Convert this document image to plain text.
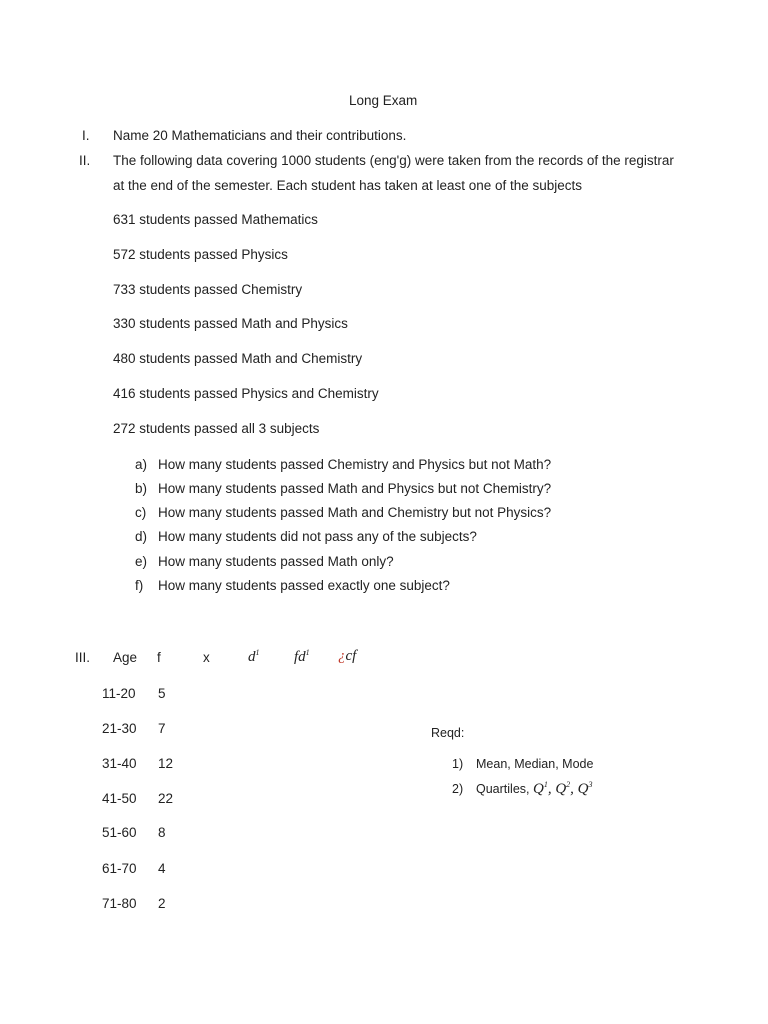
Long Exam
I. Name 20 Mathematicians and their contributions.
II. The following data covering 1000 students (eng'g) were taken from the records of the registrar
at the end of the semester. Each student has taken at least one of the subjects
631 students passed Mathematics
572 students passed Physics
733 students passed Chemistry
330 students passed Math and Physics
480 students passed Math and Chemistry
416 students passed Physics and Chemistry
272 students passed all 3 subjects
a) How many students passed Chemistry and Physics but not Math?
b) How many students passed Math and Physics but not Chemistry?
c) How many students passed Math and Chemistry but not Physics?
d) How many students did not pass any of the subjects?
e) How many students passed Math only?
f) How many students passed exactly one subject?
III. Age f	x	$d^1$ $fd^1$ ¿cf
11-20 5
21-30 7
31-40 12
41-50 22
51-60 8
61-70 4
71-80 2
Reqd:
1) Mean, Median, Mode
2) Quartiles, $Q^1$, $Q^2$, $Q^3$
